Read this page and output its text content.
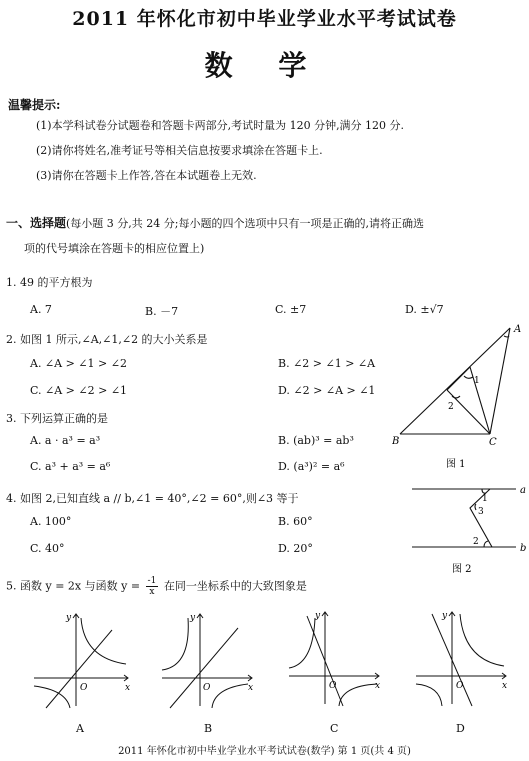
2011 年怀化市初中毕业学业水平考试试卷
数 学
温馨提示:
(1)本学科试卷分试题卷和答题卡两部分,考试时量为 120 分钟,满分 120 分.
(2)请你将姓名,准考证号等相关信息按要求填涂在答题卡上.
(3)请你在答题卡上作答,答在本试题卷上无效.
一、选择题(每小题 3 分,共 24 分;每小题的四个选项中只有一项是正确的,请将正确选
项的代号填涂在答题卡的相应位置上)
1. 49 的平方根为
A. 7	B. －7	C. ±7	D. ±√7
2. 如图 1 所示,∠A,∠1,∠2 的大小关系是
A. ∠A > ∠1 > ∠2	B. ∠2 > ∠1 > ∠A
C. ∠A > ∠2 > ∠1	D. ∠2 > ∠A > ∠1
3. 下列运算正确的是
A. a · a³ = a³	B. (ab)³ = ab³
C. a³ + a³ = a⁶	D. (a³)² = a⁶
4. 如图 2,已知直线 a // b,∠1 = 40°,∠2 = 60°,则∠3 等于
A. 100°	B. 60°
C. 40°	D. 20°
5. 函数 y = 2x 与函数 $y = \frac{-1}{x}$ 在同一坐标系中的大致图象是
A
B	C
1
2
图 1
a
b
1
3
2
图 2
y
x
O
A
y
x
O
B
y
x
O
C
y
x
O
D
2011 年怀化市初中毕业学业水平考试试卷(数学) 第 1 页(共 4 页)
